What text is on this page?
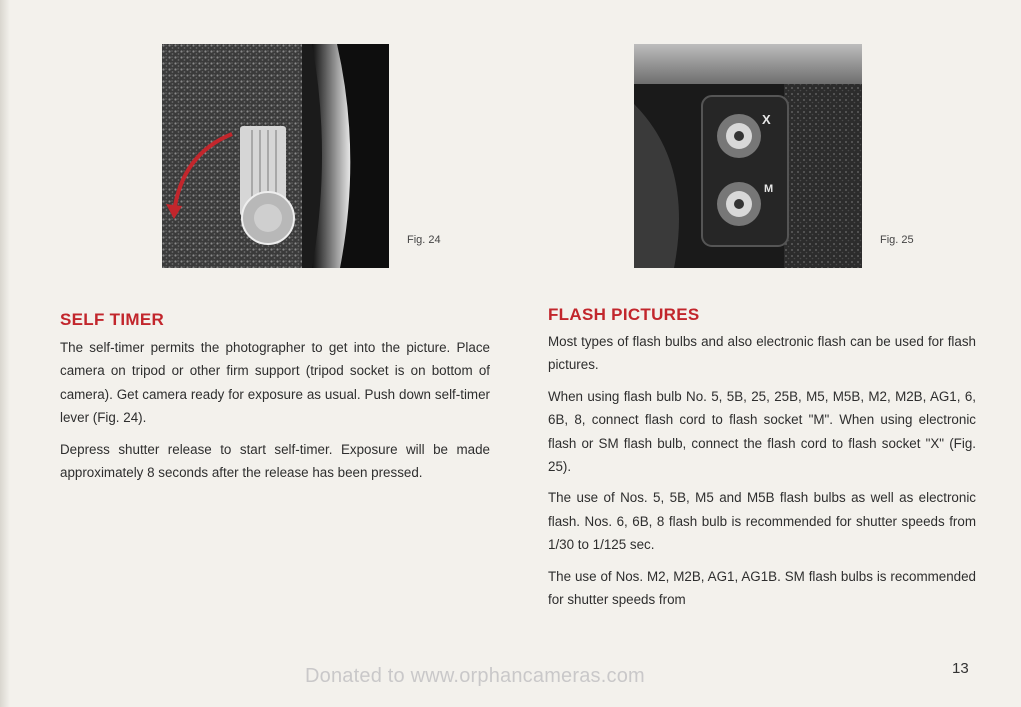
Fig. 24
X
M
Fig. 25
SELF TIMER

The self-timer permits the photographer to get into the picture. Place camera on tripod or other firm support (tripod socket is on bottom of camera). Get camera ready for exposure as usual. Push down self-timer lever (Fig. 24).

Depress shutter release to start self-timer. Exposure will be made approximately 8 seconds after the release has been pressed.

FLASH PICTURES

Most types of flash bulbs and also electronic flash can be used for flash pictures.

When using flash bulb No. 5, 5B, 25, 25B, M5, M5B, M2, M2B, AG1, 6, 6B, 8, connect flash cord to flash socket "M". When using electronic flash or SM flash bulb, connect the flash cord to flash socket "X" (Fig. 25).

The use of Nos. 5, 5B, M5 and M5B flash bulbs as well as electronic flash. Nos. 6, 6B, 8 flash bulb is recommended for shutter speeds from 1/30 to 1/125 sec.

The use of Nos. M2, M2B, AG1, AG1B. SM flash bulbs is recommended for shutter speeds from

13
Donated to www.orphancameras.com
